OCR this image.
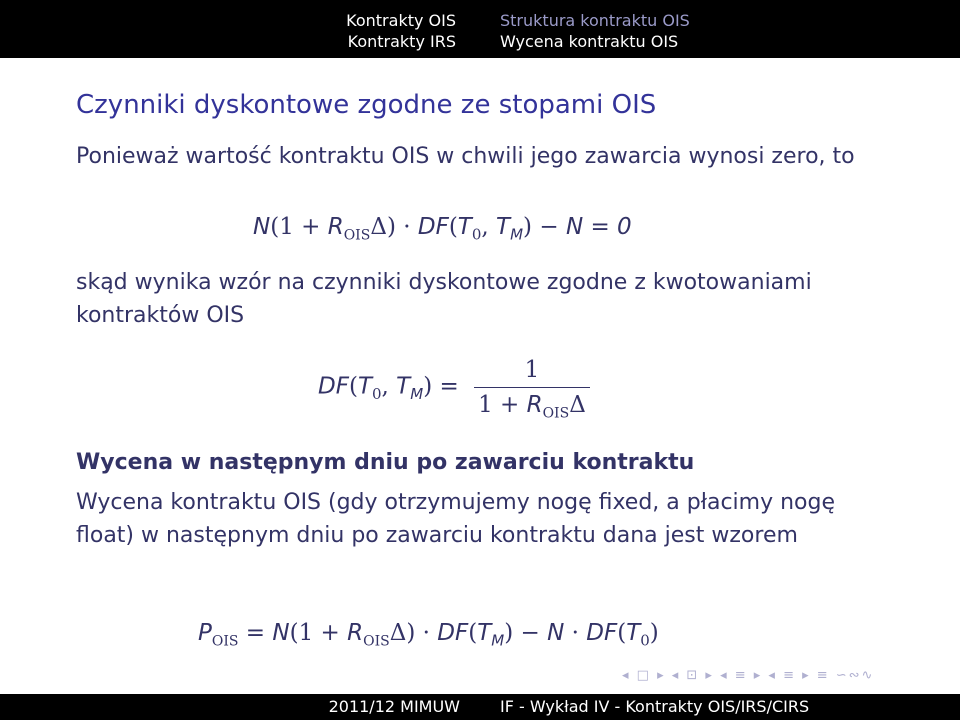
Kontrakty OIS
Kontrakty IRS
Struktura kontraktu OIS
Wycena kontraktu OIS
Czynniki dyskontowe zgodne ze stopami OIS

Ponieważ wartość kontraktu OIS w chwili jego zawarcia wynosi zero, to

$N(1 + R_{OIS}\Delta) \cdot DF(T_0$, $T_M) - N = 0$

skąd wynika wzór na czynniki dyskontowe zgodne z kwotowaniami kontraktów OIS

$DF(T_0$, $T_M) = \frac{1}{1 + R_{OIS}\Delta}$
Wycena w następnym dniu po zawarciu kontraktu

Wycena kontraktu OIS (gdy otrzymujemy nogę fixed, a płacimy nogę float) w następnym dniu po zawarciu kontraktu dana jest wzorem

$P_{OIS} = N(1 + R_{OIS}\Delta) \cdot DF(T_M) - N \cdot DF(T_0)$
◂ □ ▸ ◂ ⊡ ▸ ◂ ≡ ▸ ◂ ≡ ▸ ≡ ∽∾∿
2011/12 MIMUW	IF - Wykład IV - Kontrakty OIS/IRS/CIRS
